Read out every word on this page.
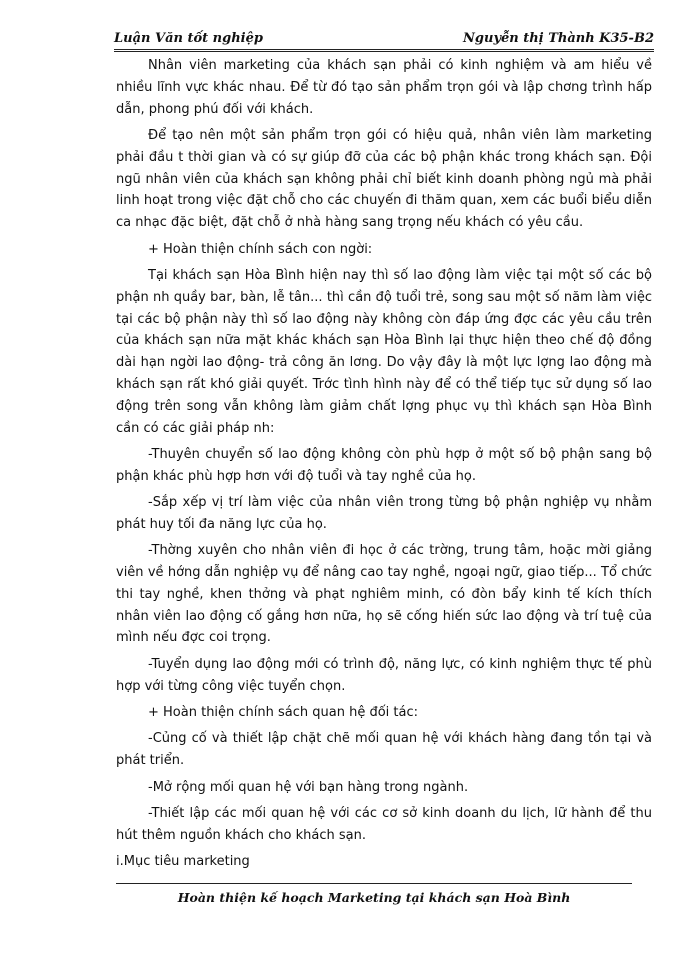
Luận Văn tốt nghiệp	Nguyễn thị Thành K35-B2

Nhân viên marketing của khách sạn phải có kinh nghiệm và am hiểu về nhiều lĩnh vực khác nhau. Để từ đó tạo sản phẩm trọn gói và lập chơng trình hấp dẫn, phong phú đối với khách.

Để tạo nên một sản phẩm trọn gói có hiệu quả, nhân viên làm marketing phải đầu t thời gian và có sự giúp đỡ của các bộ phận khác trong khách sạn. Đội ngũ nhân viên của khách sạn không phải chỉ biết kinh doanh phòng ngủ mà phải linh hoạt trong việc đặt chỗ cho các chuyến đi thăm quan, xem các buổi biểu diễn ca nhạc đặc biệt, đặt chỗ ở nhà hàng sang trọng nếu khách có yêu cầu.

+ Hoàn thiện chính sách con ngời:

Tại khách sạn Hòa Bình hiện nay thì số lao động làm việc tại một số các bộ phận nh quầy bar, bàn, lễ tân... thì cần độ tuổi trẻ, song sau một số năm làm việc tại các bộ phận này thì số lao động này không còn đáp ứng đợc các yêu cầu trên của khách sạn nữa mặt khác khách sạn Hòa Bình lại thực hiện theo chế độ đồng dài hạn ngời lao động- trả công ăn lơng. Do vậy đây là một lực lợng lao động mà khách sạn rất khó giải quyết. Trớc tình hình này để có thể tiếp tục sử dụng số lao động trên song vẫn không làm giảm chất lợng phục vụ thì khách sạn Hòa Bình cần có các giải pháp nh:

-Thuyên chuyển số lao động không còn phù hợp ở một số bộ phận sang bộ phận khác phù hợp hơn với độ tuổi và tay nghề của họ.

-Sắp xếp vị trí làm việc của nhân viên trong từng bộ phận nghiệp vụ nhằm phát huy tối đa năng lực của họ.

-Thờng xuyên cho nhân viên đi học ở các trờng, trung tâm, hoặc mời giảng viên về hớng dẫn nghiệp vụ để nâng cao tay nghề, ngoại ngữ, giao tiếp... Tổ chức thi tay nghề, khen thởng và phạt nghiêm minh, có đòn bẩy kinh tế kích thích nhân viên lao động cố gắng hơn nữa, họ sẽ cống hiến sức lao động và trí tuệ của mình nếu đợc coi trọng.

-Tuyển dụng lao động mới có trình độ, năng lực, có kinh nghiệm thực tế phù hợp với từng công việc tuyển chọn.

+ Hoàn thiện chính sách quan hệ đối tác:

-Củng cố và thiết lập chặt chẽ mối quan hệ với khách hàng đang tồn tại và phát triển.

-Mở rộng mối quan hệ với bạn hàng trong ngành.

-Thiết lập các mối quan hệ với các cơ sở kinh doanh du lịch, lữ hành để thu hút thêm nguồn khách cho khách sạn.

i.Mục tiêu marketing

Hoàn thiện kế hoạch Marketing tại khách sạn Hoà Bình
